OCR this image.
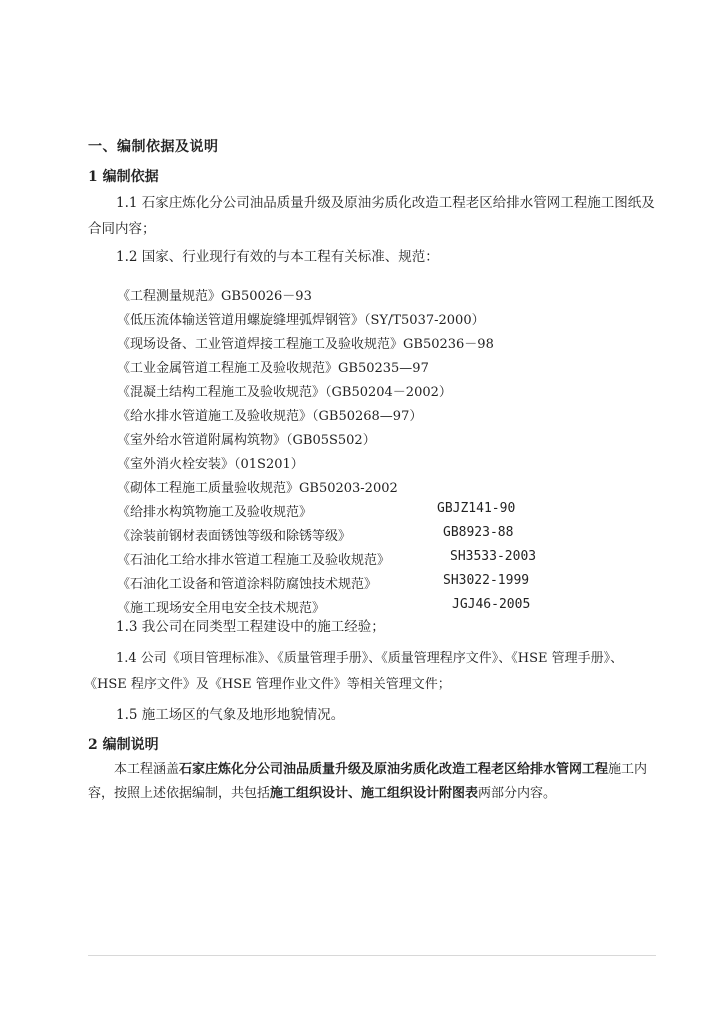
一、编制依据及说明
1 编制依据
1.1 石家庄炼化分公司油品质量升级及原油劣质化改造工程老区给排水管网工程施工图纸及合同内容；
1.2 国家、行业现行有效的与本工程有关标准、规范：
《工程测量规范》GB50026－93
《低压流体输送管道用螺旋缝埋弧焊钢管》（SY/T5037-2000）
《现场设备、工业管道焊接工程施工及验收规范》GB50236－98
《工业金属管道工程施工及验收规范》GB50235—97
《混凝土结构工程施工及验收规范》（GB50204－2002）
《给水排水管道施工及验收规范》（GB50268—97）
《室外给水管道附属构筑物》（GB05S502）
《室外消火栓安装》（01S201）
《砌体工程施工质量验收规范》GB50203-2002
《给排水构筑物施工及验收规范》	GBJZ141-90
《涂装前钢材表面锈蚀等级和除锈等级》	GB8923-88
《石油化工给水排水管道工程施工及验收规范》	SH3533-2003
《石油化工设备和管道涂料防腐蚀技术规范》	SH3022-1999
《施工现场安全用电安全技术规范》	JGJ46-2005
1.3 我公司在同类型工程建设中的施工经验；
1.4 公司《项目管理标准》、《质量管理手册》、《质量管理程序文件》、《HSE 管理手册》、
《HSE 程序文件》及《HSE 管理作业文件》等相关管理文件；
1.5 施工场区的气象及地形地貌情况。
2 编制说明
本工程涵盖石家庄炼化分公司油品质量升级及原油劣质化改造工程老区给排水管网工程施工内容，按照上述依据编制，共包括施工组织设计、施工组织设计附图表两部分内容。
